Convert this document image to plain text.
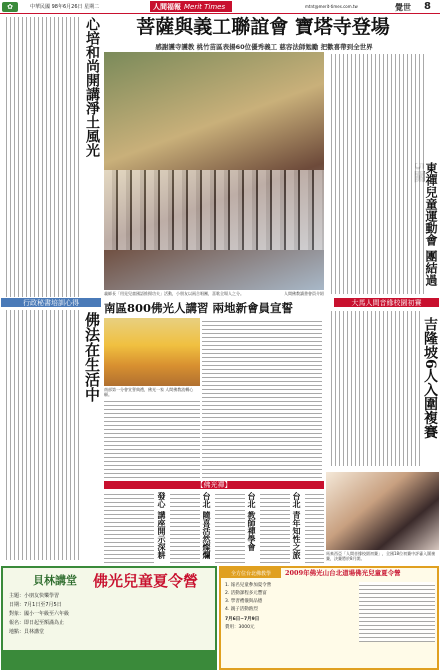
✿	中華民國 98年6月26日 星期二	人間福報 Merit Times	mtnt@merit-times.com.tw	覺世 8
菩薩與義工聯誼會 寶塔寺登場
感謝護寺護教 桃竹苗區表揚60位優秀義工 慈容法師勉勵 把歡喜帶到全世界
心培和尚開講淨土風光
行政秘書培訓心得
佛法在生活中
義師長「用見兒童國語推揚功夫」活動，小朋友以兩合唱團，喜歌全場人之分。	人間佛教讀書會員介紹
東禪兒童運動會 團結過
大馬人間音緣校園初賽
吉隆坡6人入圍複賽
馬來西亞「人間音緣校園初賽」，全國18位初賽中評審入圍複賽，決賽將於8月開。
南區800佛光人講習 兩地新會員宣誓
南部第一分會宣誓典禮，佛光一家 人間佛教流轉心願。
【佛光禪】
發心 講座開示深耕	台北 隨喜活然燦爛	台北 教師禪學會	台北 青年知性之旅
貝林講堂 佛光兒童夏令營
主題：小朋友快樂學習
日期：7月1日至7月5日
對象：國小一年級至六年級
報名：即日起至額滿為止
地點：貝林講堂
全方位台北佛教學	2009年佛光山台北道場佛光兒童夏令營
1. 報名兒童參加夏令營
2. 活動課程多元豐富
3. 學習禮儀與品德
4. 親子活動熱烈
7月6日~7月9日
費用：3000元
